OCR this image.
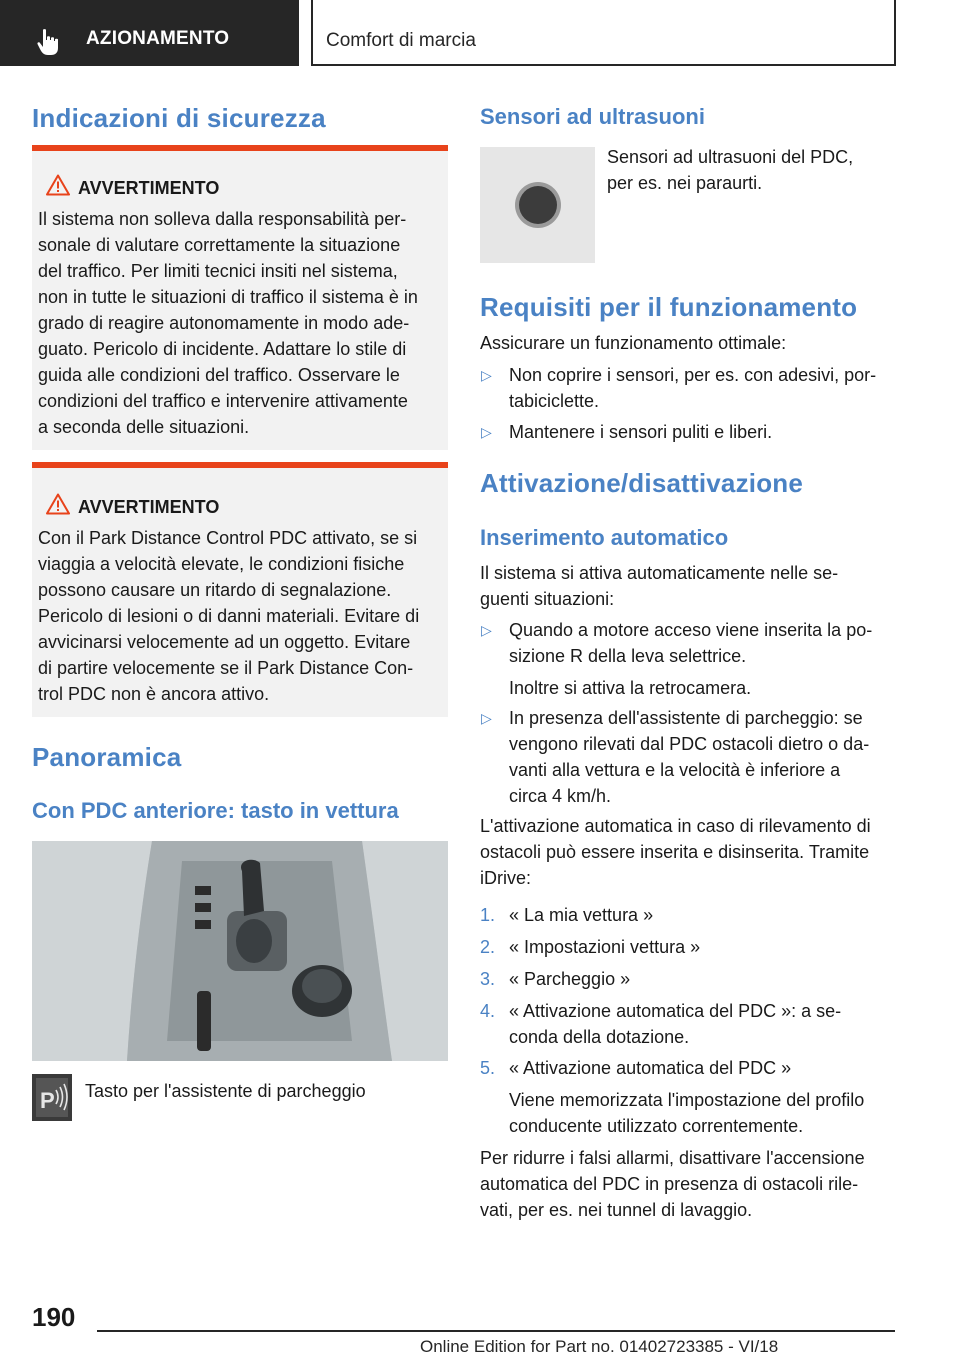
AZIONAMENTO	Comfort di marcia
Indicazioni di sicurezza
AVVERTIMENTO
Il sistema non solleva dalla responsabilità per-
sonale di valutare correttamente la situazione
del traffico. Per limiti tecnici insiti nel sistema,
non in tutte le situazioni di traffico il sistema è in
grado di reagire autonomamente in modo ade-
guato. Pericolo di incidente. Adattare lo stile di
guida alle condizioni del traffico. Osservare le
condizioni del traffico e intervenire attivamente
a seconda delle situazioni.
AVVERTIMENTO
Con il Park Distance Control PDC attivato, se si
viaggia a velocità elevate, le condizioni fisiche
possono causare un ritardo di segnalazione.
Pericolo di lesioni o di danni materiali. Evitare di
avvicinarsi velocemente ad un oggetto. Evitare
di partire velocemente se il Park Distance Con-
trol PDC non è ancora attivo.
Panoramica
Con PDC anteriore: tasto in vettura
P Tasto per l'assistente di parcheggio
Sensori ad ultrasuoni
Sensori ad ultrasuoni del PDC,
per es. nei paraurti.
Requisiti per il funzionamento
Assicurare un funzionamento ottimale:
▷ Non coprire i sensori, per es. con adesivi, por-
tabiciclette.
▷ Mantenere i sensori puliti e liberi.
Attivazione/disattivazione
Inserimento automatico
Il sistema si attiva automaticamente nelle se-
guenti situazioni:
▷ Quando a motore acceso viene inserita la po-
sizione R della leva selettrice.
Inoltre si attiva la retrocamera.
▷ In presenza dell'assistente di parcheggio: se
vengono rilevati dal PDC ostacoli dietro o da-
vanti alla vettura e la velocità è inferiore a
circa 4 km/h.
L'attivazione automatica in caso di rilevamento di
ostacoli può essere inserita e disinserita. Tramite
iDrive:
1. « La mia vettura »
2. « Impostazioni vettura »
3. « Parcheggio »
4. « Attivazione automatica del PDC »: a se-
conda della dotazione.
5. « Attivazione automatica del PDC »
Viene memorizzata l'impostazione del profilo
conducente utilizzato correntemente.
Per ridurre i falsi allarmi, disattivare l'accensione
automatica del PDC in presenza di ostacoli rile-
vati, per es. nei tunnel di lavaggio.
190
Online Edition for Part no. 01402723385 - VI/18
